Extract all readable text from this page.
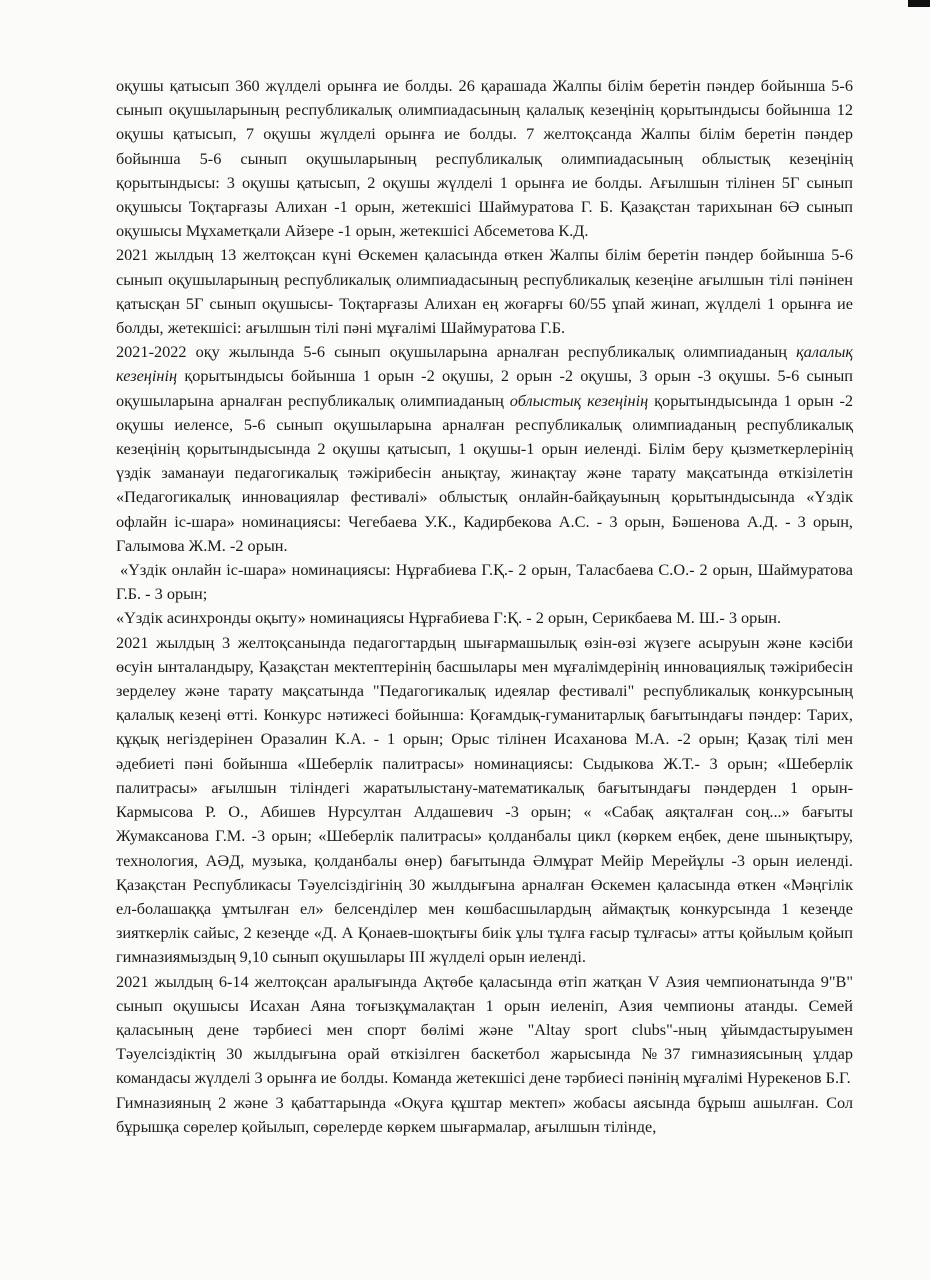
оқушы қатысып 360 жүлделі орынға ие болды. 26 қарашада Жалпы білім беретін пәндер бойынша 5-6 сынып оқушыларының республикалық олимпиадасының қалалық кезеңінің қорытындысы бойынша 12 оқушы қатысып, 7 оқушы жүлделі орынға ие болды. 7 желтоқсанда Жалпы білім беретін пәндер бойынша 5-6 сынып оқушыларының республикалық олимпиадасының облыстық кезеңінің қорытындысы: 3 оқушы қатысып, 2 оқушы жүлделі 1 орынға ие болды. Ағылшын тілінен 5Г сынып оқушысы Тоқтарғазы Алихан -1 орын, жетекшісі Шаймуратова Г. Б. Қазақстан тарихынан 6Ә сынып оқушысы Мұхаметқали Айзере -1 орын, жетекшісі Абсеметова К.Д.

2021 жылдың 13 желтоқсан күні Өскемен қаласында өткен Жалпы білім беретін пәндер бойынша 5-6 сынып оқушыларының республикалық олимпиадасының республикалық кезеңіне ағылшын тілі пәнінен қатысқан 5Г сынып оқушысы- Тоқтарғазы Алихан ең жоғарғы 60/55 ұпай жинап, жүлделі 1 орынға ие болды, жетекшісі: ағылшын тілі пәні мұғалімі Шаймуратова Г.Б.

2021-2022 оқу жылында 5-6 сынып оқушыларына арналған республикалық олимпиаданың қалалық кезеңінің қорытындысы бойынша 1 орын -2 оқушы, 2 орын -2 оқушы, 3 орын -3 оқушы. 5-6 сынып оқушыларына арналған республикалық олимпиаданың облыстық кезеңінің қорытындысында 1 орын -2 оқушы иеленсе, 5-6 сынып оқушыларына арналған республикалық олимпиаданың республикалық кезеңінің қорытындысында 2 оқушы қатысып, 1 оқушы-1 орын иеленді. Білім беру қызметкерлерінің үздік заманауи педагогикалық тәжірибесін анықтау, жинақтау және тарату мақсатында өткізілетін «Педагогикалық инновациялар фестивалі» облыстық онлайн-байқауының қорытындысында «Үздік офлайн іс-шара» номинациясы: Чегебаева У.К., Кадирбекова А.С. - 3 орын, Бәшенова А.Д. - 3 орын, Галымова Ж.М. -2 орын.

«Үздік онлайн іс-шара» номинациясы: Нұрғабиева Г.Қ.- 2 орын, Таласбаева С.О.- 2 орын, Шаймуратова Г.Б. - 3 орын;

«Үздік асинхронды оқыту» номинациясы Нұрғабиева Г:Қ. - 2 орын, Серикбаева М. Ш.- 3 орын.

2021 жылдың 3 желтоқсанында педагогтардың шығармашылық өзін-өзі жүзеге асыруын және кәсіби өсуін ынталандыру, Қазақстан мектептерінің басшылары мен мұғалімдерінің инновациялық тәжірибесін зерделеу және тарату мақсатында "Педагогикалық идеялар фестивалі" республикалық конкурсының қалалық кезеңі өтті. Конкурс нәтижесі бойынша: Қоғамдық-гуманитарлық бағытындағы пәндер: Тарих, құқық негіздерінен Оразалин К.А. - 1 орын; Орыс тілінен Исаханова М.А. -2 орын; Қазақ тілі мен әдебиеті пәні бойынша «Шеберлік палитрасы» номинациясы: Сыдыкова Ж.Т.- 3 орын; «Шеберлік палитрасы» ағылшын тіліндегі жаратылыстану-математикалық бағытындағы пәндерден 1 орын- Кармысова Р. О., Абишев Нурсултан Алдашевич -3 орын; « «Сабақ аяқталған соң...» бағыты Жумаксанова Г.М. -3 орын; «Шеберлік палитрасы» қолданбалы цикл (көркем еңбек, дене шынықтыру, технология, АӘД, музыка, қолданбалы өнер) бағытында Әлмұрат Мейір Мерейұлы -3 орын иеленді. Қазақстан Республикасы Тәуелсіздігінің 30 жылдығына арналған Өскемен қаласында өткен «Мәңгілік ел-болашаққа ұмтылған ел» белсенділер мен көшбасшылардың аймақтық конкурсында 1 кезеңде зияткерлік сайыс, 2 кезеңде «Д. А Қонаев-шоқтығы биік ұлы тұлға ғасыр тұлғасы» атты қойылым қойып гимназиямыздың 9,10 сынып оқушылары ІІІ жүлделі орын иеленді.

2021 жылдың 6-14 желтоқсан аралығында Ақтөбе қаласында өтіп жатқан V Азия чемпионатында 9"В" сынып оқушысы Исахан Аяна тоғызқұмалақтан 1 орын иеленіп, Азия чемпионы атанды. Семей қаласының дене тәрбиесі мен спорт бөлімі және "Altay sport clubs"-ның ұйымдастыруымен Тәуелсіздіктің 30 жылдығына орай өткізілген баскетбол жарысында №37 гимназиясының ұлдар командасы жүлделі 3 орынға ие болды. Команда жетекшісі дене тәрбиесі пәнінің мұғалімі Нурекенов Б.Г.

Гимназияның 2 және 3 қабаттарында «Оқуға құштар мектеп» жобасы аясында бұрыш ашылған. Сол бұрышқа сөрелер қойылып, сөрелерде көркем шығармалар, ағылшын тілінде,
